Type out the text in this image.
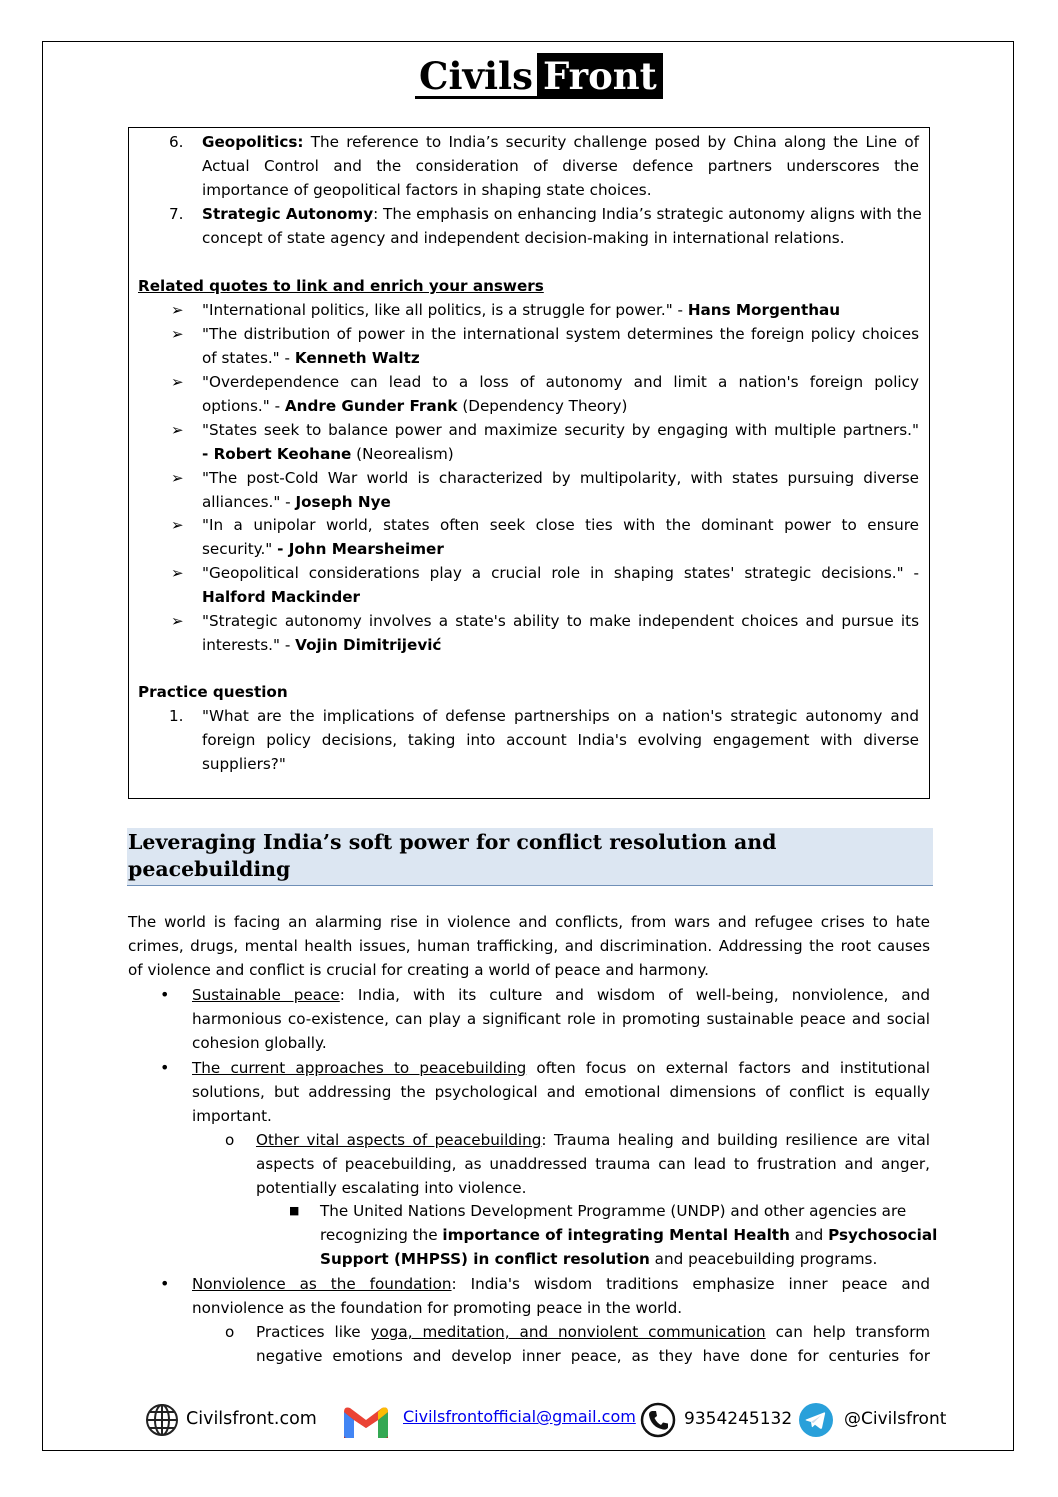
Civils Front
6. Geopolitics: The reference to India’s security challenge posed by China along the Line of
Actual Control and the consideration of diverse defence partners underscores the
importance of geopolitical factors in shaping state choices.
7. Strategic Autonomy: The emphasis on enhancing India’s strategic autonomy aligns with the
concept of state agency and independent decision-making in international relations.
Related quotes to link and enrich your answers
➢ "International politics, like all politics, is a struggle for power." - Hans Morgenthau
➢ "The distribution of power in the international system determines the foreign policy choices
of states." - Kenneth Waltz
➢ "Overdependence can lead to a loss of autonomy and limit a nation's foreign policy
options." - Andre Gunder Frank (Dependency Theory)
➢ "States seek to balance power and maximize security by engaging with multiple partners."
- Robert Keohane (Neorealism)
➢ "The post-Cold War world is characterized by multipolarity, with states pursuing diverse
alliances." - Joseph Nye
➢ "In a unipolar world, states often seek close ties with the dominant power to ensure
security." - John Mearsheimer
➢ "Geopolitical considerations play a crucial role in shaping states' strategic decisions." -
Halford Mackinder
➢ "Strategic autonomy involves a state's ability to make independent choices and pursue its
interests." - Vojin Dimitrijević
Practice question
1. "What are the implications of defense partnerships on a nation's strategic autonomy and
foreign policy decisions, taking into account India's evolving engagement with diverse
suppliers?"
Leveraging India’s soft power for conflict resolution and
peacebuilding
The world is facing an alarming rise in violence and conflicts, from wars and refugee crises to hate
crimes, drugs, mental health issues, human trafficking, and discrimination. Addressing the root causes
of violence and conflict is crucial for creating a world of peace and harmony.
• Sustainable peace: India, with its culture and wisdom of well-being, nonviolence, and
harmonious co-existence, can play a significant role in promoting sustainable peace and social
cohesion globally.
• The current approaches to peacebuilding often focus on external factors and institutional
solutions, but addressing the psychological and emotional dimensions of conflict is equally
important.
o Other vital aspects of peacebuilding: Trauma healing and building resilience are vital
aspects of peacebuilding, as unaddressed trauma can lead to frustration and anger,
potentially escalating into violence.
■ The United Nations Development Programme (UNDP) and other agencies are
recognizing the importance of integrating Mental Health and Psychosocial
Support (MHPSS) in conflict resolution and peacebuilding programs.
• Nonviolence as the foundation: India's wisdom traditions emphasize inner peace and
nonviolence as the foundation for promoting peace in the world.
o Practices like yoga, meditation, and nonviolent communication can help transform
negative emotions and develop inner peace, as they have done for centuries for
Civilsfront.com	Civilsfrontofficial@gmail.com	9354245132	@Civilsfront
